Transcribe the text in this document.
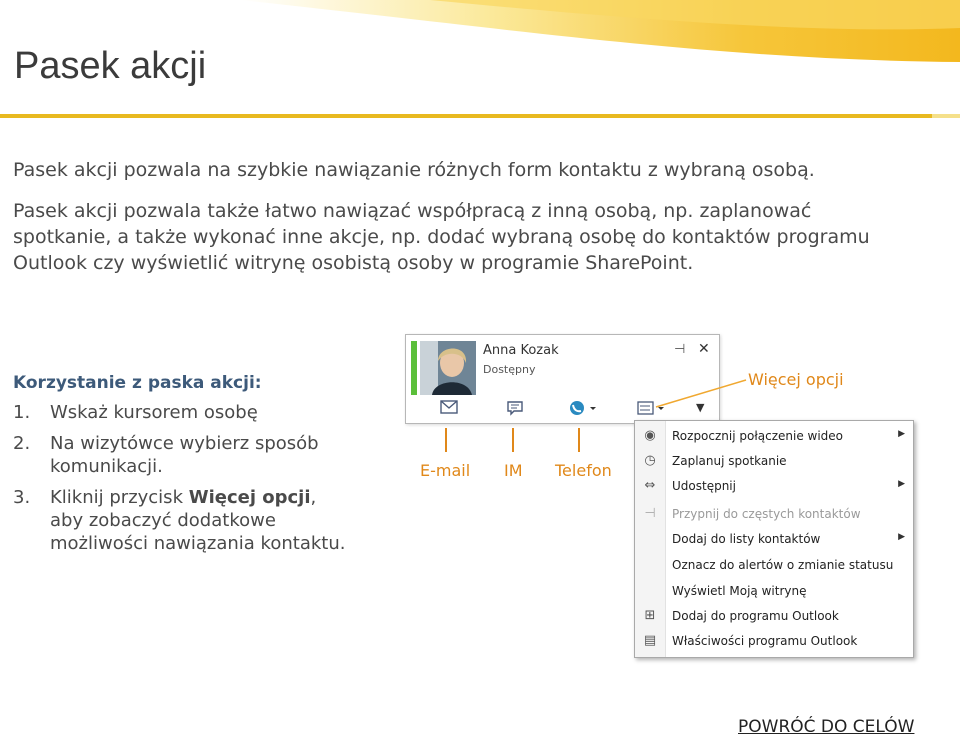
Pasek akcji

Pasek akcji pozwala na szybkie nawiązanie różnych form kontaktu z wybraną osobą.

Pasek akcji pozwala także łatwo nawiązać współpracą z inną osobą, np. zaplanować spotkanie, a także wykonać inne akcje, np. dodać wybraną osobę do kontaktów programu Outlook czy wyświetlić witrynę osobistą osoby w programie SharePoint.

Korzystanie z paska akcji:
1.	Wskaż kursorem osobę
2.	Na wizytówce wybierz sposób komunikacji.
3.	Kliknij przycisk Więcej opcji, aby zobaczyć dodatkowe możliwości nawiązania kontaktu.
Anna Kozak
Dostępny
⊣ ✕
▼
Więcej opcji
E-mail IM Telefon
◉ Rozpocznij połączenie wideo	▶
◷ Zaplanuj spotkanie
⇔ Udostępnij	▶
⊣ Przypnij do częstych kontaktów
Dodaj do listy kontaktów	▶
Oznacz do alertów o zmianie statusu
Wyświetl Moją witrynę
⊞ Dodaj do programu Outlook
▤ Właściwości programu Outlook
POWRÓĆ DO CELÓW
